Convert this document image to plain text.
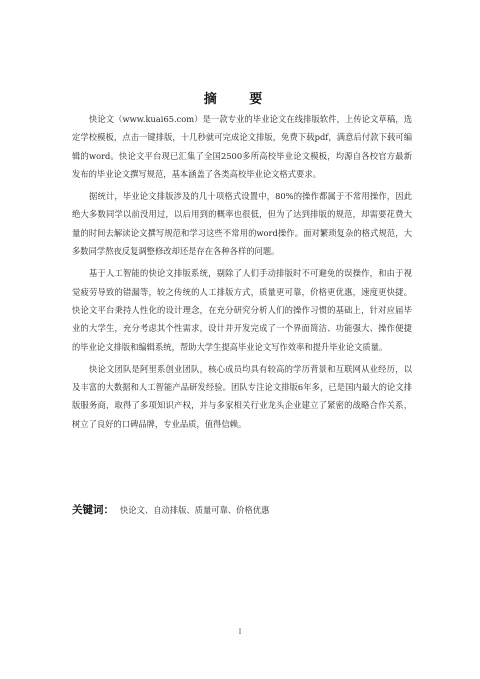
摘 要

快论文（www.kuai65.com）是一款专业的毕业论文在线排版软件，上传论文草稿，选定学校模板，点击一键排版，十几秒就可完成论文排版，免费下载pdf，满意后付款下载可编辑的word。快论文平台现已汇集了全国2500多所高校毕业论文模板，均源自各校官方最新发布的毕业论文撰写规范，基本涵盖了各类高校毕业论文格式要求。

据统计，毕业论文排版涉及的几十项格式设置中，80%的操作都属于不常用操作，因此绝大多数同学以前没用过，以后用到的概率也很低，但为了达到排版的规范，却需要花费大量的时间去解读论文撰写规范和学习这些不常用的word操作。面对繁琐复杂的格式规范，大多数同学熬夜反复调整修改却还是存在各种各样的问题。

基于人工智能的快论文排版系统，剔除了人们手动排版时不可避免的误操作，和由于视觉疲劳导致的错漏等，较之传统的人工排版方式，质量更可靠，价格更优惠，速度更快捷。快论文平台秉持人性化的设计理念，在充分研究分析人们的操作习惯的基础上，针对应届毕业的大学生，充分考虑其个性需求，设计并开发完成了一个界面简洁、功能强大、操作便捷的毕业论文排版和编辑系统，帮助大学生提高毕业论文写作效率和提升毕业论文质量。

快论文团队是阿里系创业团队，核心成员均具有较高的学历背景和互联网从业经历，以及丰富的大数据和人工智能产品研发经验。团队专注论文排版6年多，已是国内最大的论文排版服务商，取得了多项知识产权，并与多家相关行业龙头企业建立了紧密的战略合作关系，树立了良好的口碑品牌，专业品质，值得信赖。

关键词： 快论文、自动排版、质量可靠、价格优惠
I
